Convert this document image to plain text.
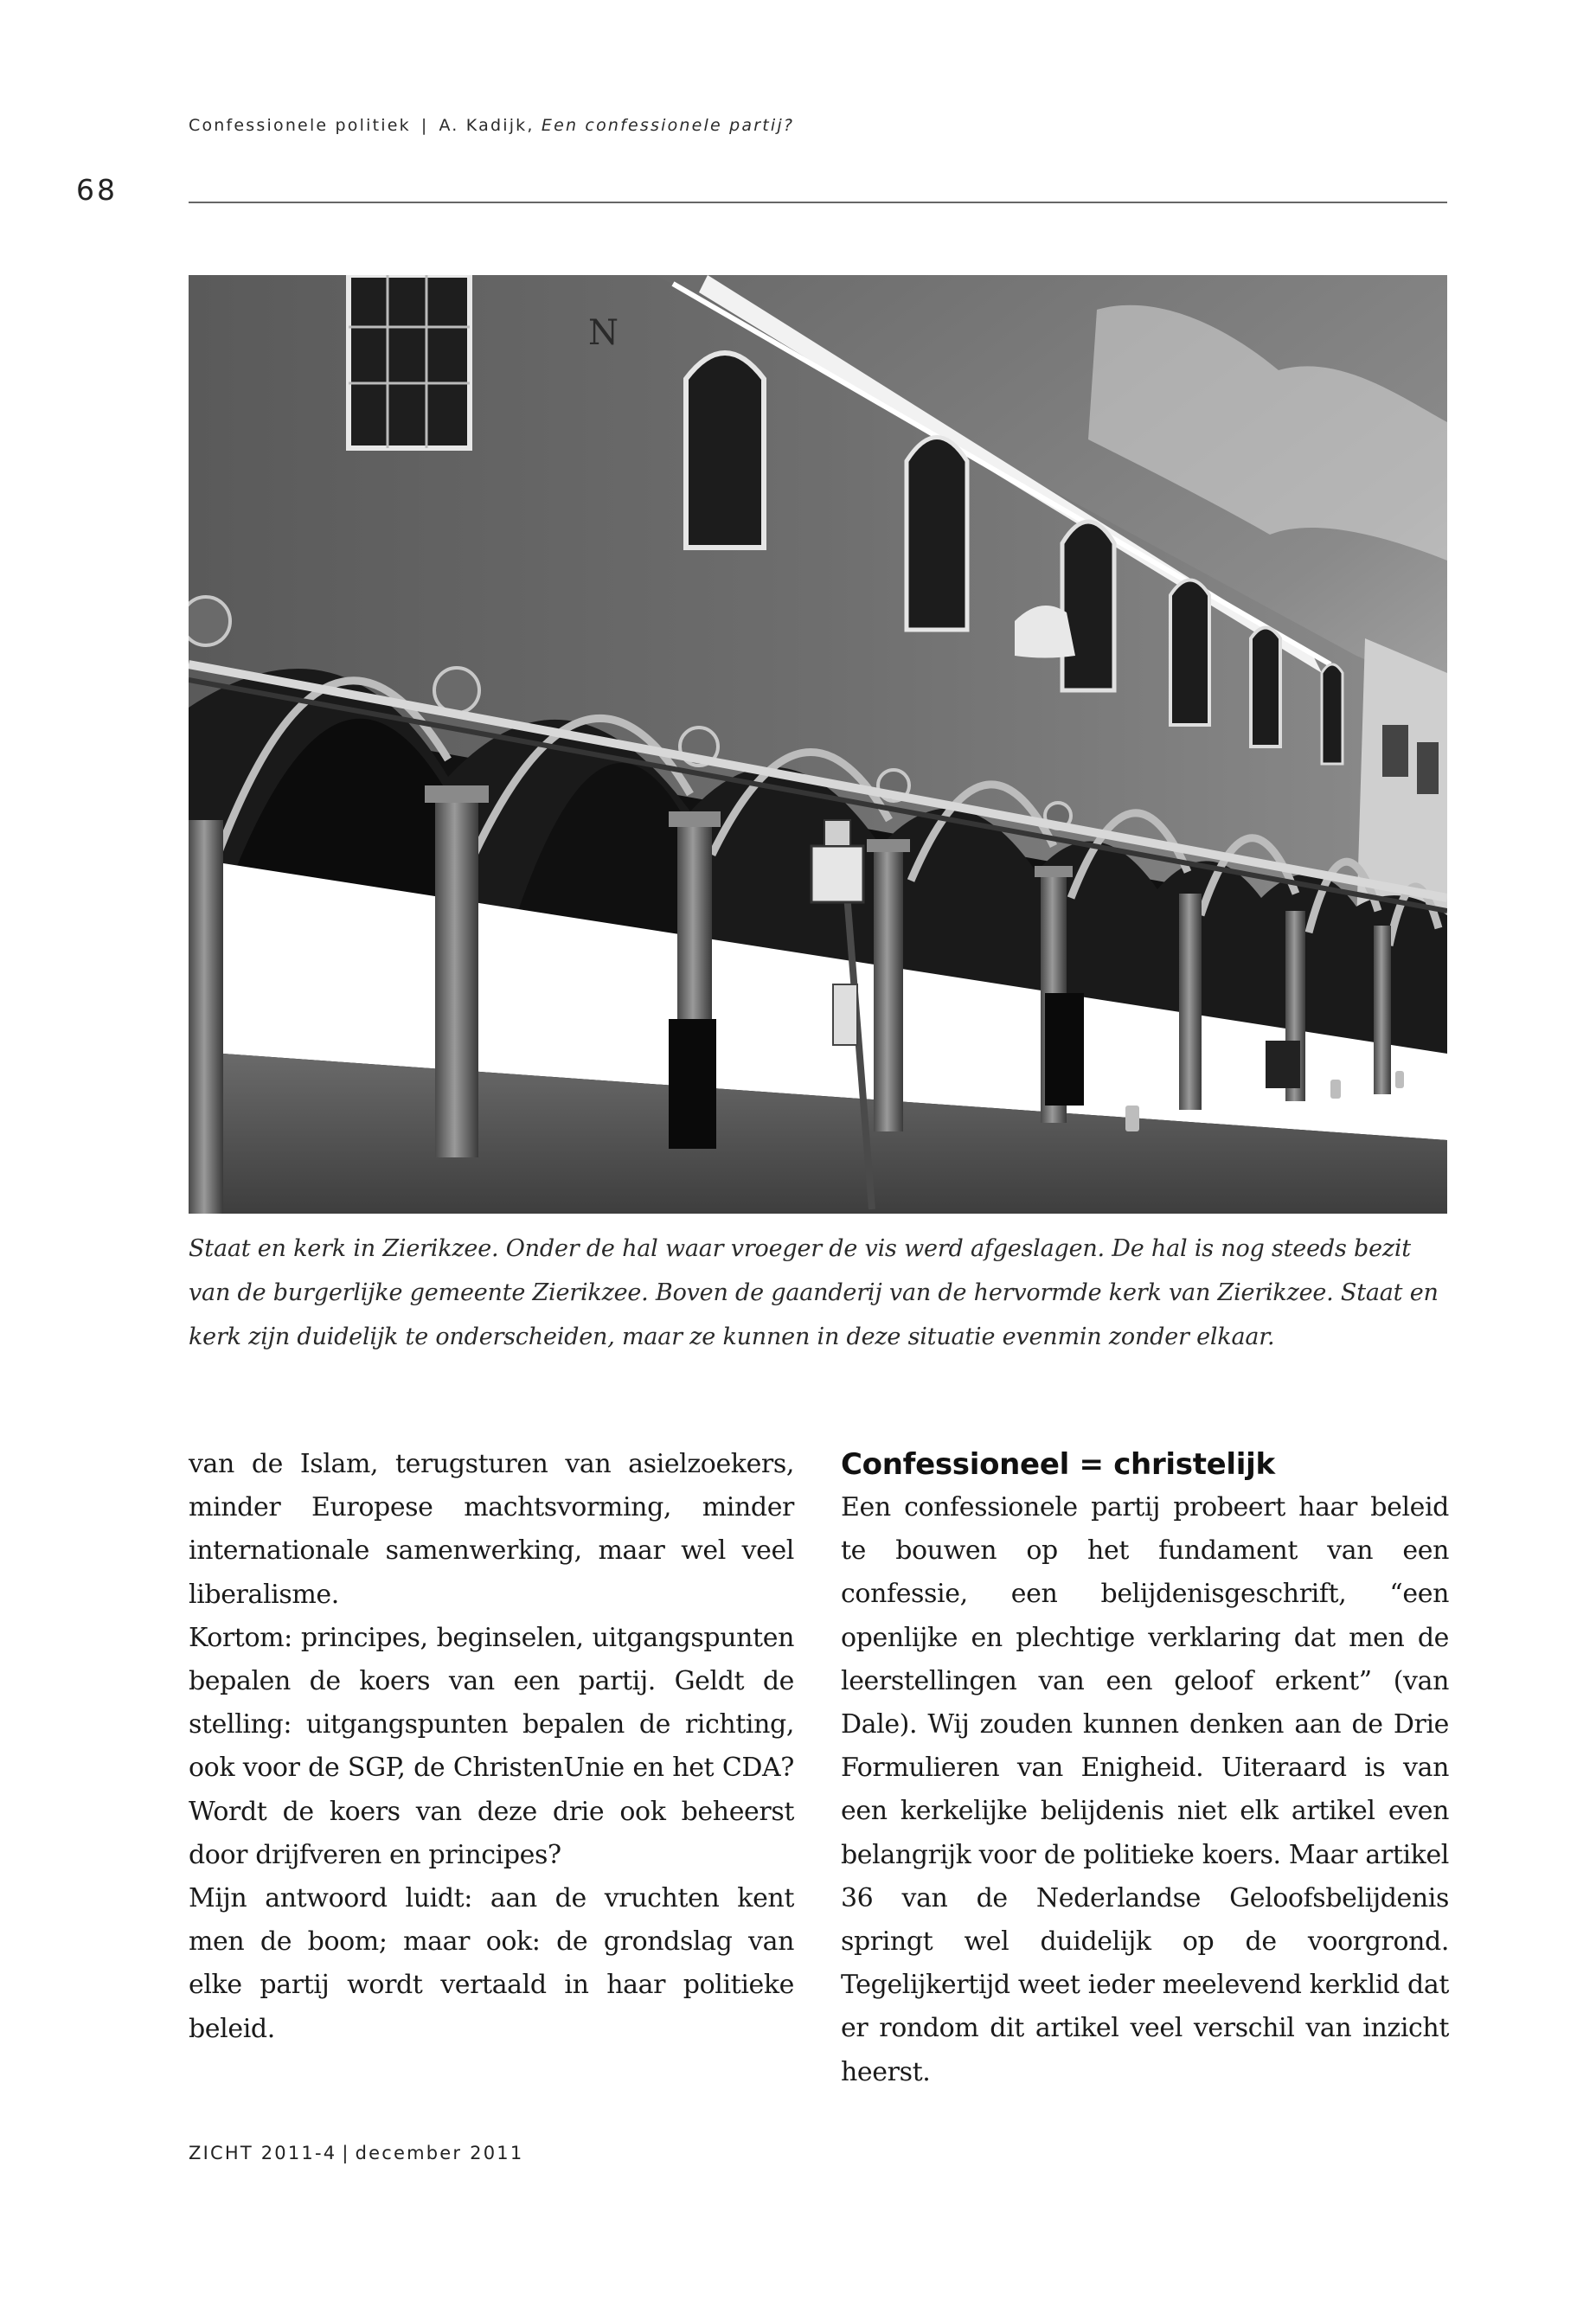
Confessionele politiek | A. Kadijk, Een confessionele partij?
68
N
Staat en kerk in Zierikzee. Onder de hal waar vroeger de vis werd afgeslagen. De hal is nog steeds bezit van de burgerlijke gemeente Zierikzee. Boven de gaanderij van de hervormde kerk van Zierikzee. Staat en kerk zijn duidelijk te onderscheiden, maar ze kunnen in deze situatie evenmin zonder elkaar.

van de Islam, terugsturen van asielzoekers, minder Europese machtsvorming, minder internationale samenwerking, maar wel veel liberalisme.

Kortom: principes, beginselen, uitgangspunten bepalen de koers van een partij. Geldt de stelling: uitgangspunten bepalen de richting, ook voor de SGP, de ChristenUnie en het CDA? Wordt de koers van deze drie ook beheerst door drijfveren en principes?

Mijn antwoord luidt: aan de vruchten kent men de boom; maar ook: de grondslag van elke partij wordt vertaald in haar politieke beleid.

Confessioneel = christelijk

Een confessionele partij probeert haar beleid te bouwen op het fundament van een confessie, een belijdenisgeschrift, “een openlijke en plechtige verklaring dat men de leerstellingen van een geloof erkent” (van Dale). Wij zouden kunnen denken aan de Drie Formulieren van Enigheid. Uiteraard is van een kerkelijke belijdenis niet elk artikel even belangrijk voor de politieke koers. Maar artikel 36 van de Nederlandse Geloofsbelijdenis springt wel duidelijk op de voorgrond. Tegelijkertijd weet ieder meelevend kerklid dat er rondom dit artikel veel verschil van inzicht heerst.

ZICHT 2011-4 | december 2011
